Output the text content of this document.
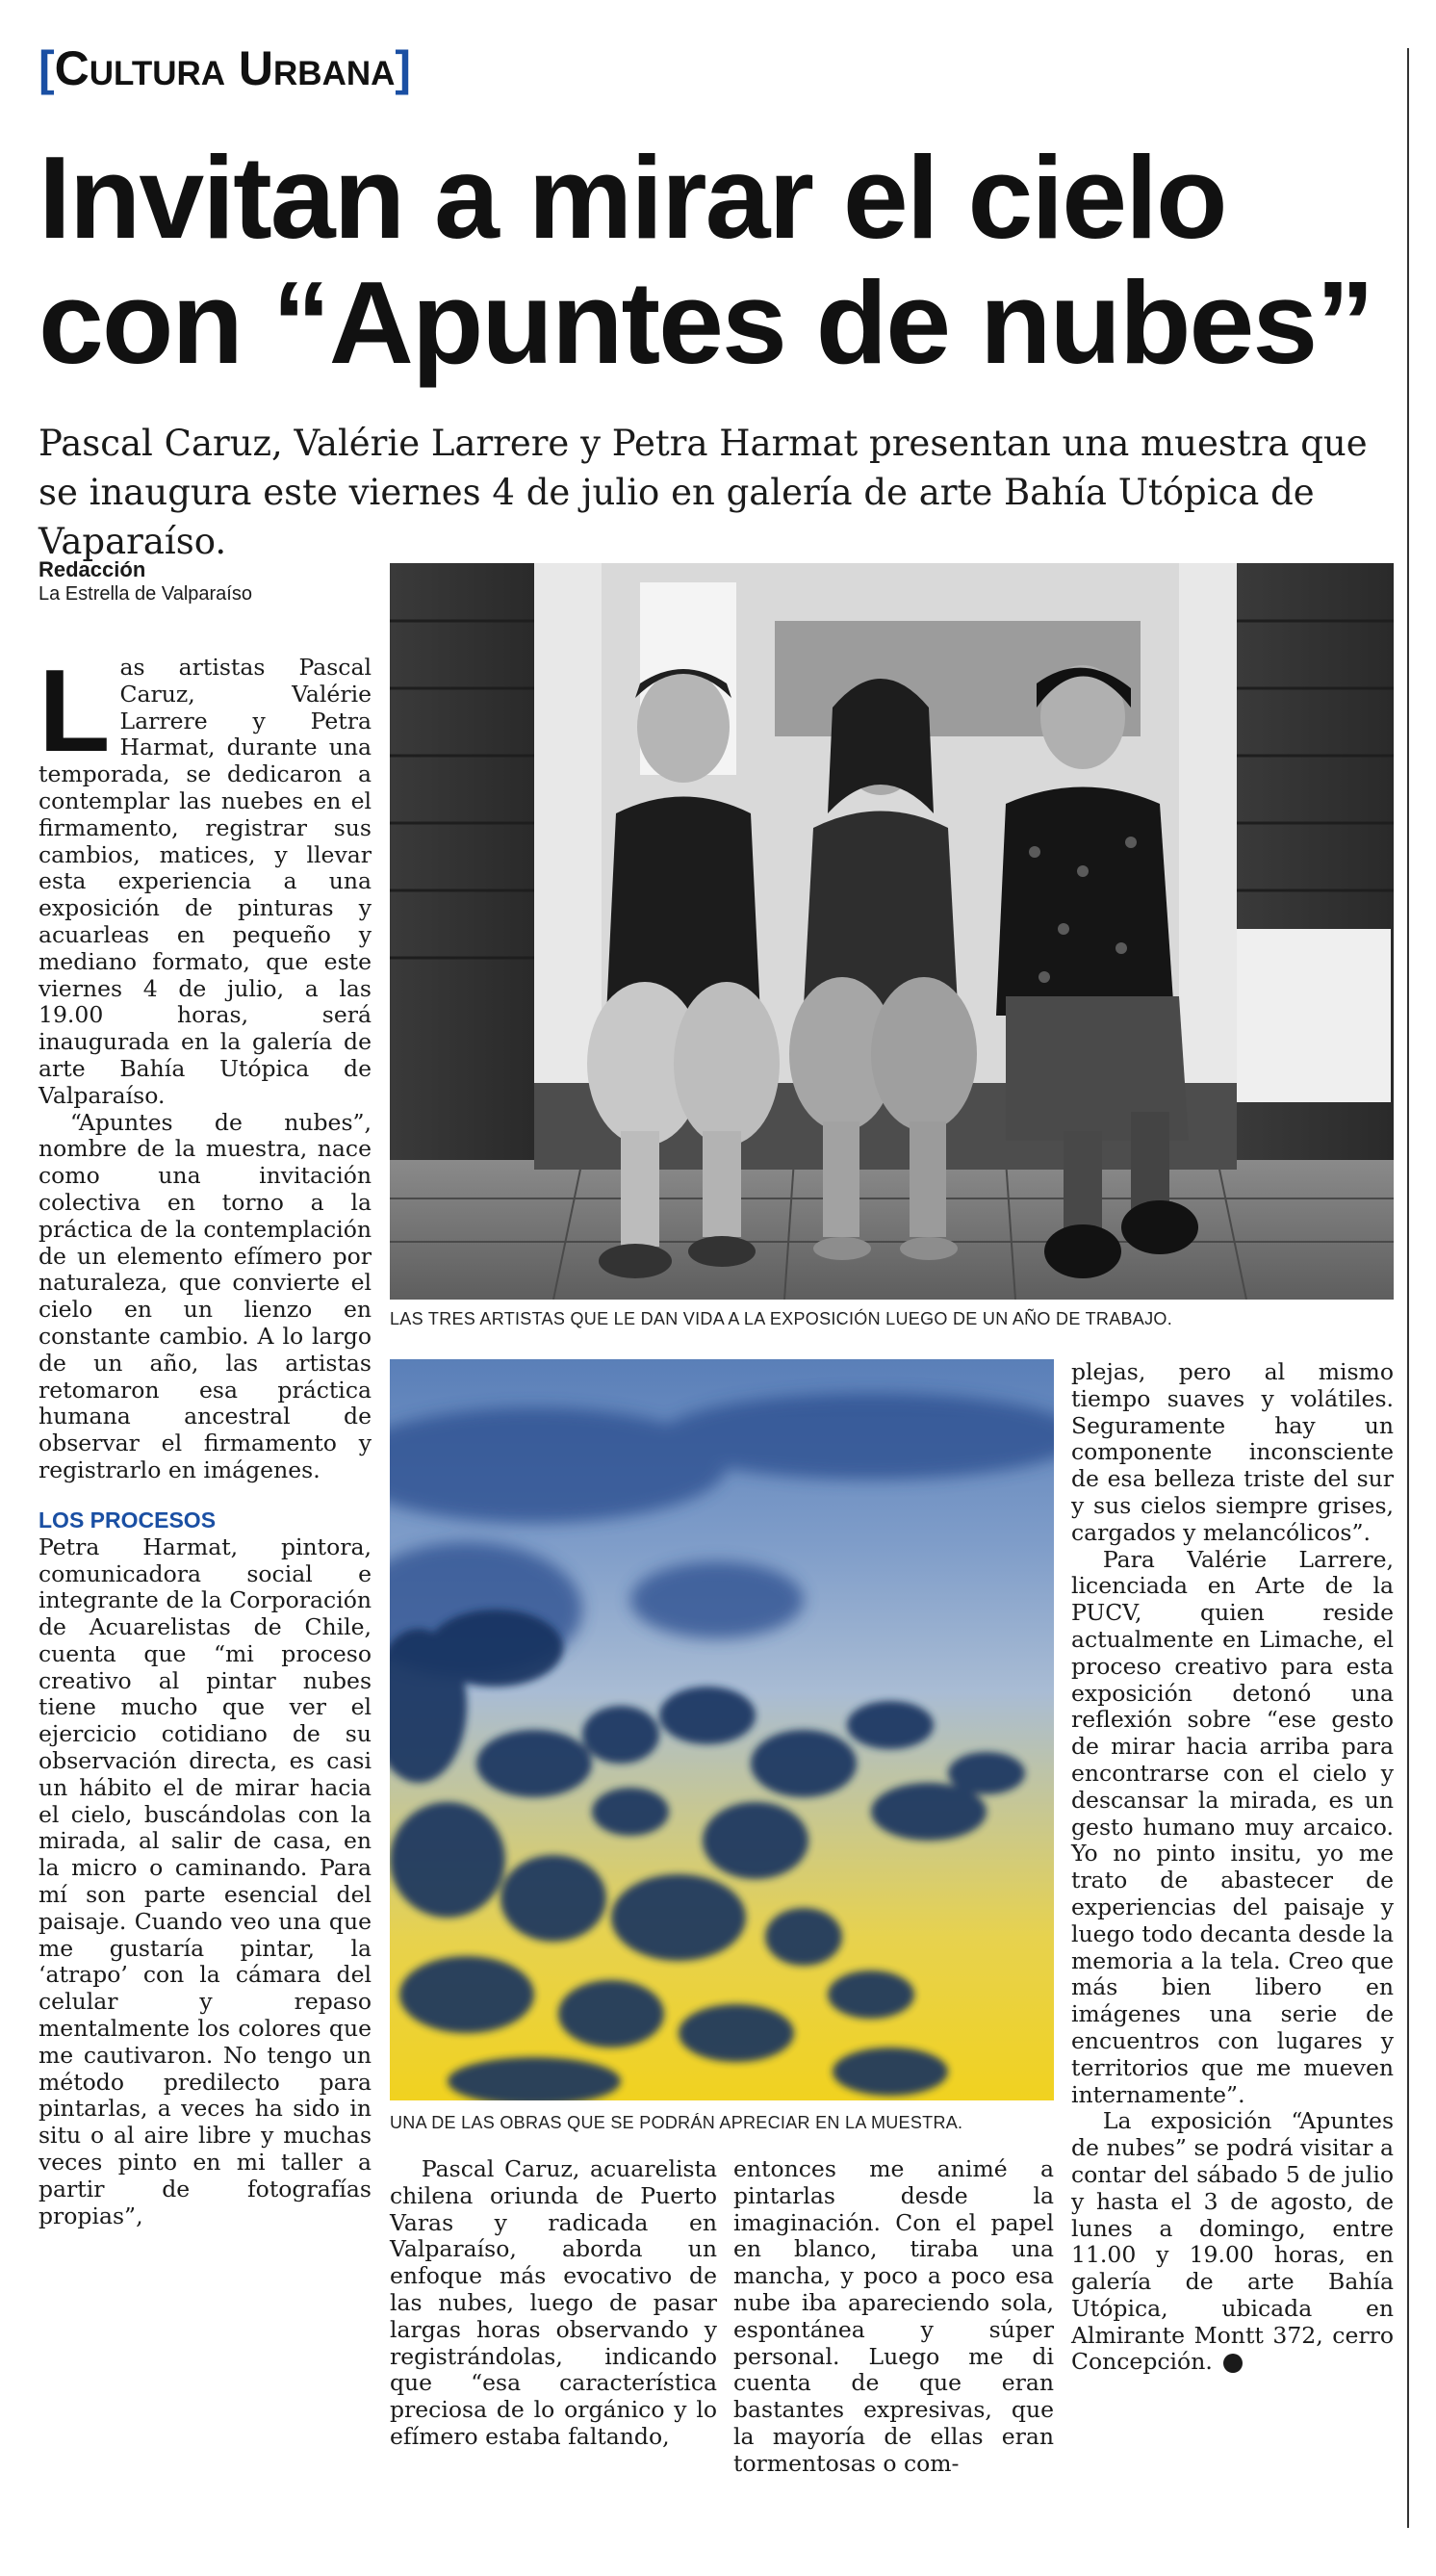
[Cultura Urbana]
Invitan a mirar el cielo
con “Apuntes de nubes”
Pascal Caruz, Valérie Larrere y Petra Harmat presentan una muestra que se inaugura este viernes 4 de julio en galería de arte Bahía Utópica de Vaparaíso.
Redacción
La Estrella de Valparaíso
LAS TRES ARTISTAS QUE LE DAN VIDA A LA EXPOSICIÓN LUEGO DE UN AÑO DE TRABAJO.
UNA DE LAS OBRAS QUE SE PODRÁN APRECIAR EN LA MUESTRA.

Las artistas Pascal Caruz, Valérie Larrere y Petra Harmat, durante una temporada, se dedicaron a contemplar las nuebes en el firmamento, registrar sus cambios, matices, y llevar esta experiencia a una exposición de pinturas y acuarleas en pequeño y mediano formato, que este viernes 4 de julio, a las 19.00 horas, será inaugurada en la galería de arte Bahía Utópica de Valparaíso.

“Apuntes de nubes”, nombre de la muestra, nace como una invitación colectiva en torno a la práctica de la contemplación de un elemento efímero por naturaleza, que convierte el cielo en un lienzo en constante cambio. A lo largo de un año, las artistas retomaron esa práctica humana ancestral de observar el firmamento y registrarlo en imágenes.

LOS PROCESOS

Petra Harmat, pintora, comunicadora social e integrante de la Corporación de Acuarelistas de Chile, cuenta que “mi proceso creativo al pintar nubes tiene mucho que ver el ejercicio cotidiano de su observación directa, es casi un hábito el de mirar hacia el cielo, buscándolas con la mirada, al salir de casa, en la micro o caminando. Para mí son parte esencial del paisaje. Cuando veo una que me gustaría pintar, la ‘atrapo’ con la cámara del celular y repaso mentalmente los colores que me cautivaron. No tengo un método predilecto para pintarlas, a veces ha sido in situ o al aire libre y muchas veces pinto en mi taller a partir de fotografías propias”,

Pascal Caruz, acuarelista chilena oriunda de Puerto Varas y radicada en Valparaíso, aborda un enfoque más evocativo de las nubes, luego de pasar largas horas observando y registrándolas, indicando que “esa característica preciosa de lo orgánico y lo efímero estaba faltando,

entonces me animé a pintarlas desde la imaginación. Con el papel en blanco, tiraba una mancha, y poco a poco esa nube iba apareciendo sola, espontánea y súper personal. Luego me di cuenta de que eran bastantes expresivas, que la mayoría de ellas eran tormentosas o com-

plejas, pero al mismo tiempo suaves y volátiles. Seguramente hay un componente inconsciente de esa belleza triste del sur y sus cielos siempre grises, cargados y melancólicos”.

Para Valérie Larrere, licenciada en Arte de la PUCV, quien reside actualmente en Limache, el proceso creativo para esta exposición detonó una reflexión sobre “ese gesto de mirar hacia arriba para encontrarse con el cielo y descansar la mirada, es un gesto humano muy arcaico. Yo no pinto insitu, yo me trato de abastecer de experiencias del paisaje y luego todo decanta desde la memoria a la tela. Creo que más bien libero en imágenes una serie de encuentros con lugares y territorios que me mueven internamente”.

La exposición “Apuntes de nubes” se podrá visitar a contar del sábado 5 de julio y hasta el 3 de agosto, de lunes a domingo, entre 11.00 y 19.00 horas, en galería de arte Bahía Utópica, ubicada en Almirante Montt 372, cerro Concepción.	✪
